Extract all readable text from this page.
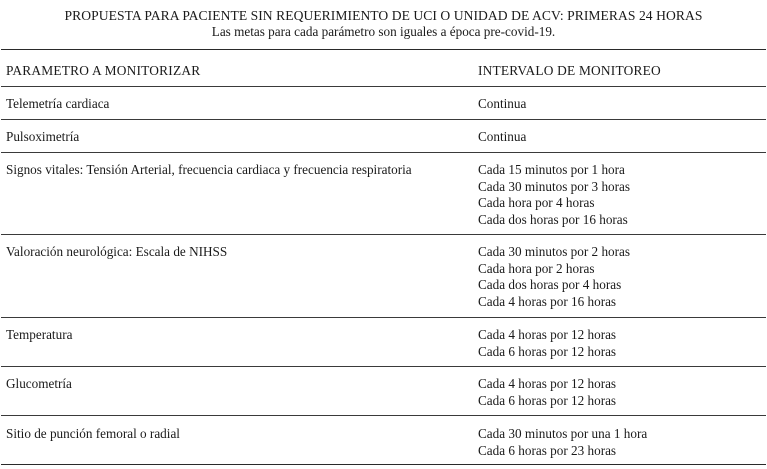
PROPUESTA PARA PACIENTE SIN REQUERIMIENTO DE UCI O UNIDAD DE ACV: PRIMERAS 24 HORAS
Las metas para cada parámetro son iguales a época pre-covid-19.
PARAMETRO A MONITORIZAR	INTERVALO DE MONITOREO
Telemetría cardiaca	Continua
Pulsoximetría	Continua
Signos vitales: Tensión Arterial, frecuencia cardiaca y frecuencia respiratoria	Cada 15 minutos por 1 hora
Cada 30 minutos por 3 horas
Cada hora por 4 horas
Cada dos horas por 16 horas
Valoración neurológica: Escala de NIHSS	Cada 30 minutos por 2 horas
Cada hora por 2 horas
Cada dos horas por 4 horas
Cada 4 horas por 16 horas
Temperatura	Cada 4 horas por 12 horas
Cada 6 horas por 12 horas
Glucometría	Cada 4 horas por 12 horas
Cada 6 horas por 12 horas
Sitio de punción femoral o radial	Cada 30 minutos por una 1 hora
Cada 6 horas por 23 horas
